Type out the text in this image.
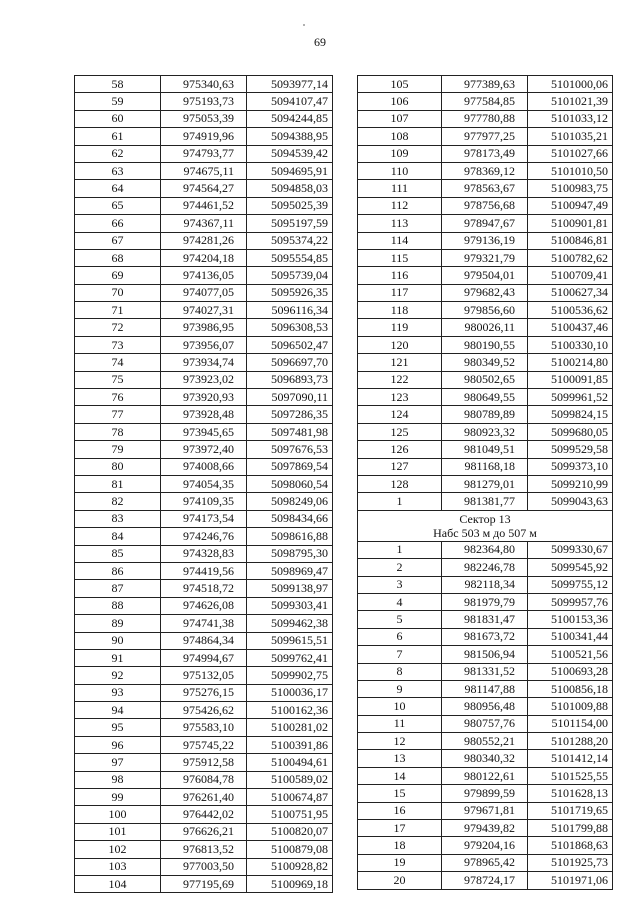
69
58	975340,63	5093977,14
59	975193,73	5094107,47
60	975053,39	5094244,85
61	974919,96	5094388,95
62	974793,77	5094539,42
63	974675,11	5094695,91
64	974564,27	5094858,03
65	974461,52	5095025,39
66	974367,11	5095197,59
67	974281,26	5095374,22
68	974204,18	5095554,85
69	974136,05	5095739,04
70	974077,05	5095926,35
71	974027,31	5096116,34
72	973986,95	5096308,53
73	973956,07	5096502,47
74	973934,74	5096697,70
75	973923,02	5096893,73
76	973920,93	5097090,11
77	973928,48	5097286,35
78	973945,65	5097481,98
79	973972,40	5097676,53
80	974008,66	5097869,54
81	974054,35	5098060,54
82	974109,35	5098249,06
83	974173,54	5098434,66
84	974246,76	5098616,88
85	974328,83	5098795,30
86	974419,56	5098969,47
87	974518,72	5099138,97
88	974626,08	5099303,41
89	974741,38	5099462,38
90	974864,34	5099615,51
91	974994,67	5099762,41
92	975132,05	5099902,75
93	975276,15	5100036,17
94	975426,62	5100162,36
95	975583,10	5100281,02
96	975745,22	5100391,86
97	975912,58	5100494,61
98	976084,78	5100589,02
99	976261,40	5100674,87
100	976442,02	5100751,95
101	976626,21	5100820,07
102	976813,52	5100879,08
103	977003,50	5100928,82
104	977195,69	5100969,18
105	977389,63	5101000,06
106	977584,85	5101021,39
107	977780,88	5101033,12
108	977977,25	5101035,21
109	978173,49	5101027,66
110	978369,12	5101010,50
111	978563,67	5100983,75
112	978756,68	5100947,49
113	978947,67	5100901,81
114	979136,19	5100846,81
115	979321,79	5100782,62
116	979504,01	5100709,41
117	979682,43	5100627,34
118	979856,60	5100536,62
119	980026,11	5100437,46
120	980190,55	5100330,10
121	980349,52	5100214,80
122	980502,65	5100091,85
123	980649,55	5099961,52
124	980789,89	5099824,15
125	980923,32	5099680,05
126	981049,51	5099529,58
127	981168,18	5099373,10
128	981279,01	5099210,99
1	981381,77	5099043,63

Сектор 13
Набс 503 м до 507 м		

1	982364,80	5099330,67
2	982246,78	5099545,92
3	982118,34	5099755,12
4	981979,79	5099957,76
5	981831,47	5100153,36
6	981673,72	5100341,44
7	981506,94	5100521,56
8	981331,52	5100693,28
9	981147,88	5100856,18
10	980956,48	5101009,88
11	980757,76	5101154,00
12	980552,21	5101288,20
13	980340,32	5101412,14
14	980122,61	5101525,55
15	979899,59	5101628,13
16	979671,81	5101719,65
17	979439,82	5101799,88
18	979204,16	5101868,63
19	978965,42	5101925,73
20	978724,17	5101971,06
